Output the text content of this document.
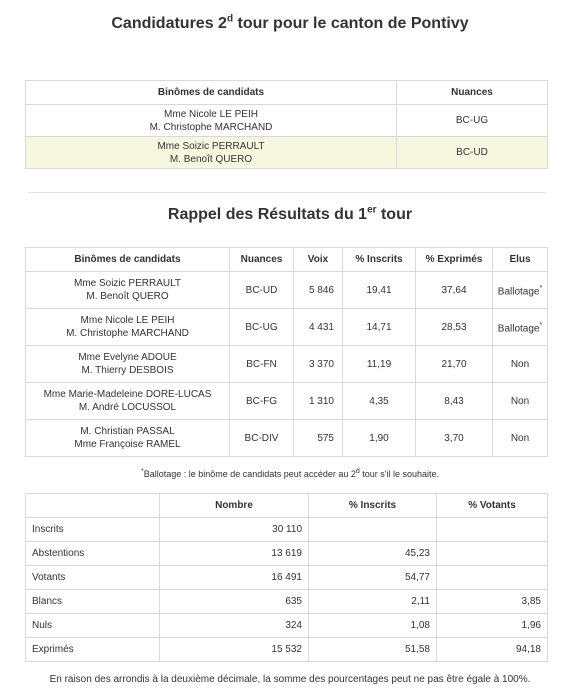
Candidatures 2$^d$ tour pour le canton de Pontivy
Binômes de candidats	Nuances

Mme Nicole LE PEIH
M. Christophe MARCHAND	BC-UG

Mme Soizic PERRAULT
M. Benoît QUERO	BC-UD
Rappel des Résultats du 1er tour
Binômes de candidats	Nuances	Voix	% Inscrits	% Exprimés	Elus

Mme Soizic PERRAULT
M. Benoît QUERO	BC-UD	5 846	19,41	37,64	Ballotage*

Mme Nicole LE PEIH
M. Christophe MARCHAND	BC-UG	4 431	14,71	28,53	Ballotage*

Mme Evelyne ADOUE
M. Thierry DESBOIS	BC-FN	3 370	11,19	21,70	Non

Mme Marie-Madeleine DORE-LUCAS
M. André LOCUSSOL	BC-FG	1 310	4,35	8,43	Non

M. Christian PASSAL
Mme Françoise RAMEL	BC-DIV	575	1,90	3,70	Non
*Ballotage : le binôme de candidats peut accéder au 2$^d$ tour s'il le souhaite.
	Nombre	% Inscrits	% Votants
Inscrits	30 110		
Abstentions	13 619	45,23	
Votants	16 491	54,77	
Blancs	635	2,11	3,85
Nuls	324	1,08	1,96
Exprimés	15 532	51,58	94,18
En raison des arrondis à la deuxième décimale, la somme des pourcentages peut ne pas être égale à 100%.
